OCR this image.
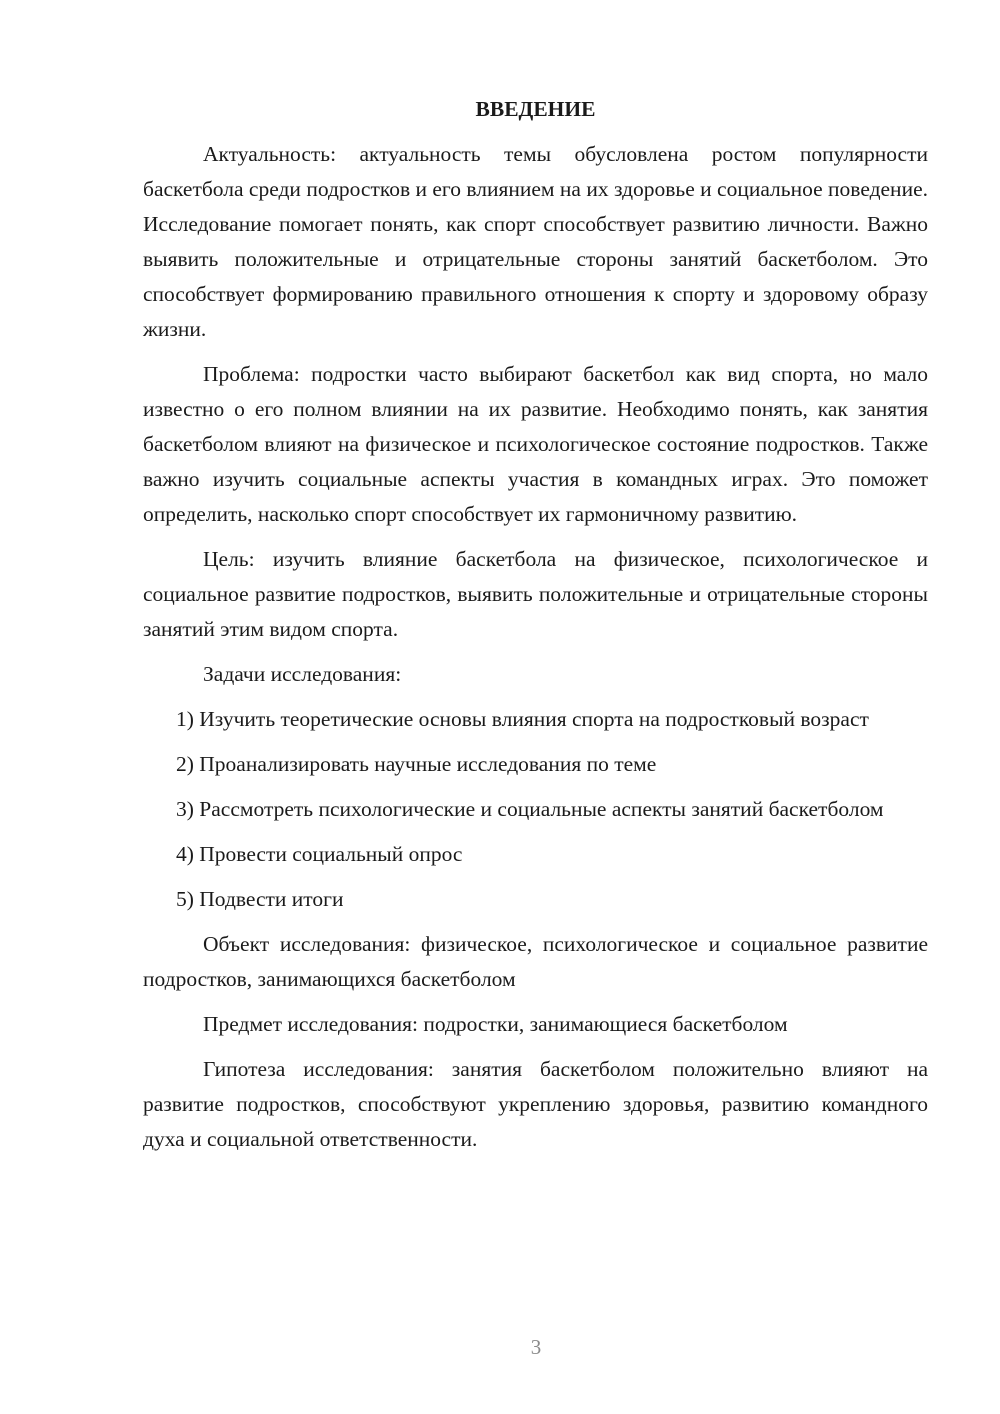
ВВЕДЕНИЕ

Актуальность: актуальность темы обусловлена ростом популярности баскетбола среди подростков и его влиянием на их здоровье и социальное поведение. Исследование помогает понять, как спорт способствует развитию личности. Важно выявить положительные и отрицательные стороны занятий баскетболом. Это способствует формированию правильного отношения к спорту и здоровому образу жизни.

Проблема: подростки часто выбирают баскетбол как вид спорта, но мало известно о его полном влиянии на их развитие. Необходимо понять, как занятия баскетболом влияют на физическое и психологическое состояние подростков. Также важно изучить социальные аспекты участия в командных играх. Это поможет определить, насколько спорт способствует их гармоничному развитию.

Цель: изучить влияние баскетбола на физическое, психологическое и социальное развитие подростков, выявить положительные и отрицательные стороны занятий этим видом спорта.

Задачи исследования:

1) Изучить теоретические основы влияния спорта на подростковый возраст

2) Проанализировать научные исследования по теме

3) Рассмотреть психологические и социальные аспекты занятий баскетболом

4) Провести социальный опрос

5) Подвести итоги

Объект исследования: физическое, психологическое и социальное развитие подростков, занимающихся баскетболом

Предмет исследования: подростки, занимающиеся баскетболом

Гипотеза исследования: занятия баскетболом положительно влияют на развитие подростков, способствуют укреплению здоровья, развитию командного духа и социальной ответственности.

3
